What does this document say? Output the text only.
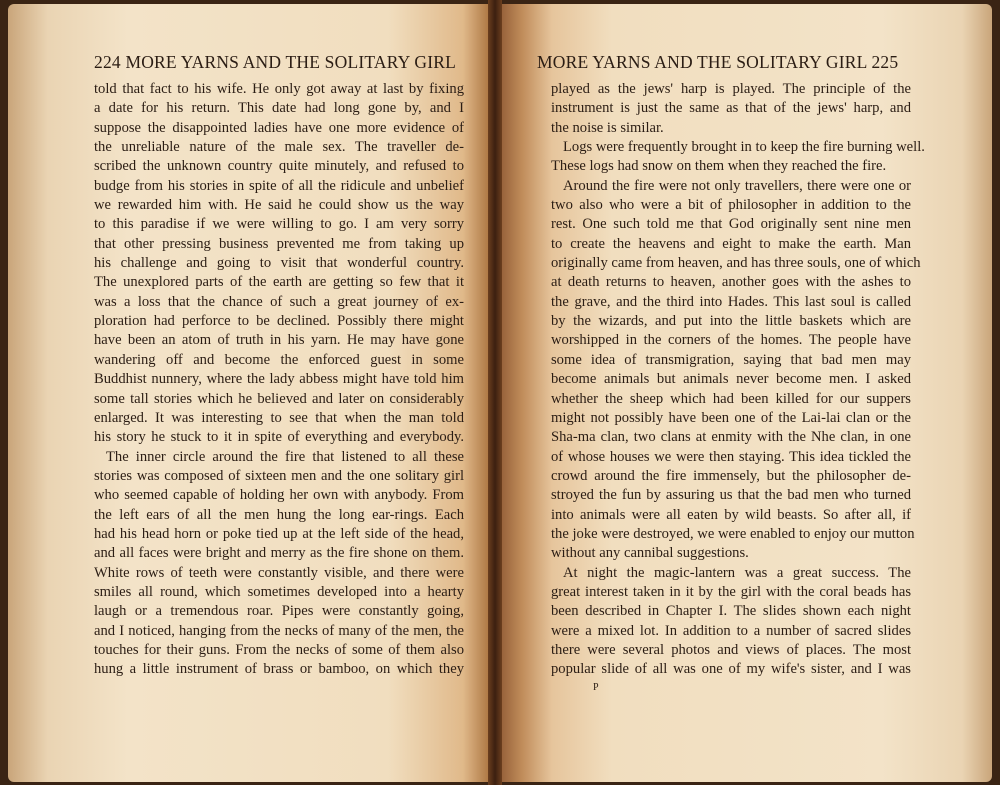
224 MORE YARNS AND THE SOLITARY GIRL
told that fact to his wife. He only got away at last by fixing
a date for his return. This date had long gone by, and I
suppose the disappointed ladies have one more evidence of
the unreliable nature of the male sex. The traveller de-
scribed the unknown country quite minutely, and refused to
budge from his stories in spite of all the ridicule and unbelief
we rewarded him with. He said he could show us the way
to this paradise if we were willing to go. I am very sorry
that other pressing business prevented me from taking up
his challenge and going to visit that wonderful country.
The unexplored parts of the earth are getting so few that it
was a loss that the chance of such a great journey of ex-
ploration had perforce to be declined. Possibly there might
have been an atom of truth in his yarn. He may have gone
wandering off and become the enforced guest in some
Buddhist nunnery, where the lady abbess might have told him
some tall stories which he believed and later on considerably
enlarged. It was interesting to see that when the man told
his story he stuck to it in spite of everything and everybody.
The inner circle around the fire that listened to all these
stories was composed of sixteen men and the one solitary girl
who seemed capable of holding her own with anybody. From
the left ears of all the men hung the long ear-rings. Each
had his head horn or poke tied up at the left side of the head,
and all faces were bright and merry as the fire shone on them.
White rows of teeth were constantly visible, and there were
smiles all round, which sometimes developed into a hearty
laugh or a tremendous roar. Pipes were constantly going,
and I noticed, hanging from the necks of many of the men, the
touches for their guns. From the necks of some of them also
hung a little instrument of brass or bamboo, on which they
MORE YARNS AND THE SOLITARY GIRL 225
played as the jews' harp is played. The principle of the
instrument is just the same as that of the jews' harp, and
the noise is similar.
Logs were frequently brought in to keep the fire burning well.
These logs had snow on them when they reached the fire.
Around the fire were not only travellers, there were one or
two also who were a bit of philosopher in addition to the
rest. One such told me that God originally sent nine men
to create the heavens and eight to make the earth. Man
originally came from heaven, and has three souls, one of which
at death returns to heaven, another goes with the ashes to
the grave, and the third into Hades. This last soul is called
by the wizards, and put into the little baskets which are
worshipped in the corners of the homes. The people have
some idea of transmigration, saying that bad men may
become animals but animals never become men. I asked
whether the sheep which had been killed for our suppers
might not possibly have been one of the Lai-lai clan or the
Sha-ma clan, two clans at enmity with the Nhe clan, in one
of whose houses we were then staying. This idea tickled the
crowd around the fire immensely, but the philosopher de-
stroyed the fun by assuring us that the bad men who turned
into animals were all eaten by wild beasts. So after all, if
the joke were destroyed, we were enabled to enjoy our mutton
without any cannibal suggestions.
At night the magic-lantern was a great success. The
great interest taken in it by the girl with the coral beads has
been described in Chapter I. The slides shown each night
were a mixed lot. In addition to a number of sacred slides
there were several photos and views of places. The most
popular slide of all was one of my wife's sister, and I was
P
